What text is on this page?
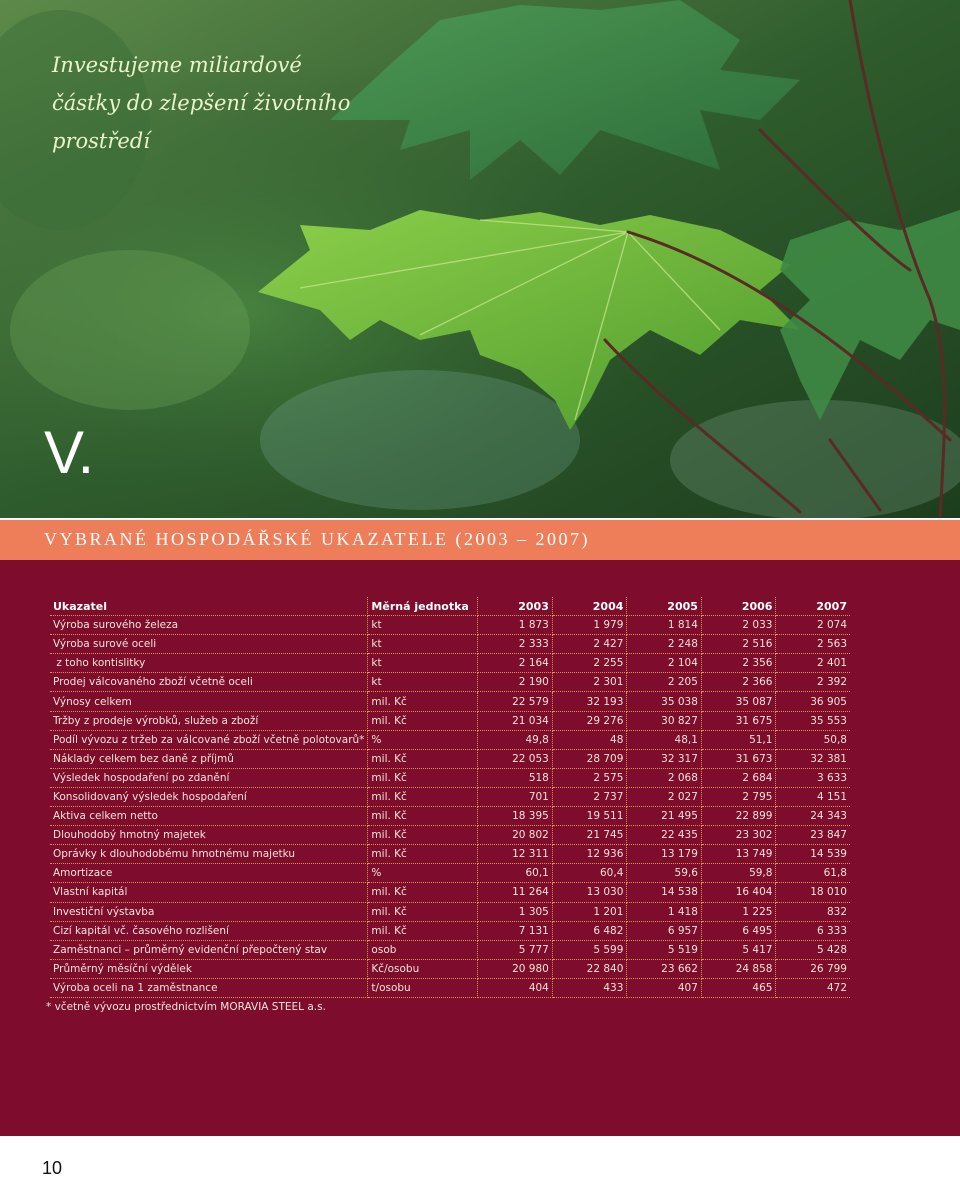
Investujeme miliardové
částky do zlepšení životního
prostředí
V.
VYBRANÉ HOSPODÁŘSKÉ UKAZATELE (2003 – 2007)
Ukazatel	Měrná jednotka	2003	2004	2005	2006	2007
Výroba surového železa	kt	1 873	1 979	1 814	2 033	2 074
Výroba surové oceli	kt	2 333	2 427	2 248	2 516	2 563
z toho kontislitky	kt	2 164	2 255	2 104	2 356	2 401
Prodej válcovaného zboží včetně oceli	kt	2 190	2 301	2 205	2 366	2 392
Výnosy celkem	mil. Kč	22 579	32 193	35 038	35 087	36 905
Tržby z prodeje výrobků, služeb a zboží	mil. Kč	21 034	29 276	30 827	31 675	35 553
Podíl vývozu z tržeb za válcované zboží včetně polotovarů*	%	49,8	48	48,1	51,1	50,8
Náklady celkem bez daně z příjmů	mil. Kč	22 053	28 709	32 317	31 673	32 381
Výsledek hospodaření po zdanění	mil. Kč	518	2 575	2 068	2 684	3 633
Konsolidovaný výsledek hospodaření	mil. Kč	701	2 737	2 027	2 795	4 151
Aktiva celkem netto	mil. Kč	18 395	19 511	21 495	22 899	24 343
Dlouhodobý hmotný majetek	mil. Kč	20 802	21 745	22 435	23 302	23 847
Oprávky k dlouhodobému hmotnému majetku	mil. Kč	12 311	12 936	13 179	13 749	14 539
Amortizace	%	60,1	60,4	59,6	59,8	61,8
Vlastní kapitál	mil. Kč	11 264	13 030	14 538	16 404	18 010
Investiční výstavba	mil. Kč	1 305	1 201	1 418	1 225	832
Cizí kapitál vč. časového rozlišení	mil. Kč	7 131	6 482	6 957	6 495	6 333
Zaměstnanci – průměrný evidenční přepočtený stav	osob	5 777	5 599	5 519	5 417	5 428
Průměrný měsíční výdělek	Kč/osobu	20 980	22 840	23 662	24 858	26 799
Výroba oceli na 1 zaměstnance	t/osobu	404	433	407	465	472
* včetně vývozu prostřednictvím MORAVIA STEEL a.s.
10
